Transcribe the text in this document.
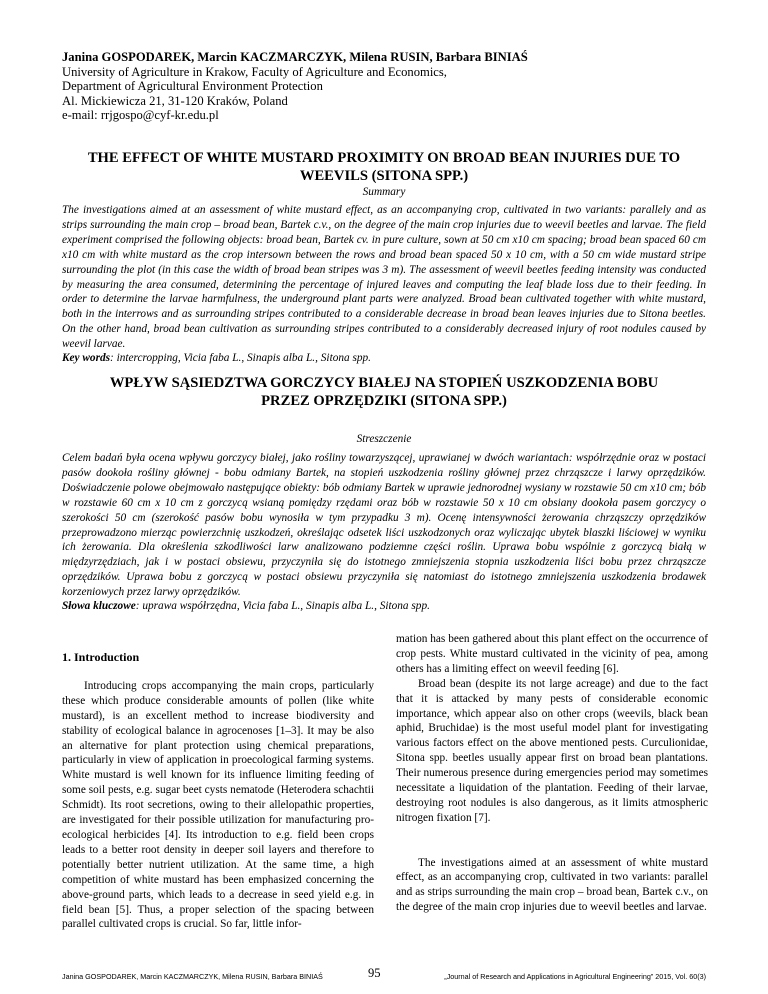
Janina GOSPODAREK, Marcin KACZMARCZYK, Milena RUSIN, Barbara BINIAŚ
University of Agriculture in Krakow, Faculty of Agriculture and Economics,
Department of Agricultural Environment Protection
Al. Mickiewicza 21, 31-120 Kraków, Poland
e-mail: rrjgospo@cyf-kr.edu.pl
THE EFFECT OF WHITE MUSTARD PROXIMITY ON BROAD BEAN INJURIES DUE TO WEEVILS (SITONA SPP.)
Summary

The investigations aimed at an assessment of white mustard effect, as an accompanying crop, cultivated in two variants: parallely and as strips surrounding the main crop – broad bean, Bartek c.v., on the degree of the main crop injuries due to weevil beetles and larvae. The field experiment comprised the following objects: broad bean, Bartek cv. in pure culture, sown at 50 cm x10 cm spacing; broad bean spaced 60 cm x10 cm with white mustard as the crop intersown between the rows and broad bean spaced 50 x 10 cm, with a 50 cm wide mustard stripe surrounding the plot (in this case the width of broad bean stripes was 3 m). The assessment of weevil beetles feeding intensity was conducted by measuring the area consumed, determining the percentage of injured leaves and computing the leaf blade loss due to their feeding. In order to determine the larvae harmfulness, the underground plant parts were analyzed. Broad bean cultivated together with white mustard, both in the interrows and as surrounding stripes contributed to a considerable decrease in broad bean leaves injuries due to Sitona beetles. On the other hand, broad bean cultivation as surrounding stripes contributed to a considerably decreased injury of root nodules caused by weevil larvae.

Key words: intercropping, Vicia faba L., Sinapis alba L., Sitona spp.
WPŁYW SĄSIEDZTWA GORCZYCY BIAŁEJ NA STOPIEŃ USZKODZENIA BOBU
PRZEZ OPRZĘDZIKI (SITONA SPP.)
Streszczenie

Celem badań była ocena wpływu gorczycy białej, jako rośliny towarzyszącej, uprawianej w dwóch wariantach: współrzędnie oraz w postaci pasów dookoła rośliny głównej - bobu odmiany Bartek, na stopień uszkodzenia rośliny głównej przez chrząszcze i larwy oprzędzików. Doświadczenie polowe obejmowało następujące obiekty: bób odmiany Bartek w uprawie jednorodnej wysiany w rozstawie 50 cm x10 cm; bób w rozstawie 60 cm x 10 cm z gorczycą wsianą pomiędzy rzędami oraz bób w rozstawie 50 x 10 cm obsiany dookoła pasem gorczycy o szerokości 50 cm (szerokość pasów bobu wynosiła w tym przypadku 3 m). Ocenę intensywności żerowania chrząszczy oprzędzików przeprowadzono mierząc powierzchnię uszkodzeń, określając odsetek liści uszkodzonych oraz wyliczając ubytek blaszki liściowej w wyniku ich żerowania. Dla określenia szkodliwości larw analizowano podziemne części roślin. Uprawa bobu wspólnie z gorczycą białą w międzyrzędziach, jak i w postaci obsiewu, przyczyniła się do istotnego zmniejszenia stopnia uszkodzenia liści bobu przez chrząszcze oprzędzików. Uprawa bobu z gorczycą w postaci obsiewu przyczyniła się natomiast do istotnego zmniejszenia uszkodzenia brodawek korzeniowych przez larwy oprzędzików.

Słowa kluczowe: uprawa współrzędna, Vicia faba L., Sinapis alba L., Sitona spp.
1. Introduction

Introducing crops accompanying the main crops, particularly these which produce considerable amounts of pollen (like white mustard), is an excellent method to increase biodiversity and stability of ecological balance in agrocenoses [1–3]. It may be also an alternative for plant protection using chemical preparations, particularly in view of application in proecological farming systems. White mustard is well known for its influence limiting feeding of some soil pests, e.g. sugar beet cysts nematode (Heterodera schachtii Schmidt). Its root secretions, owing to their allelopathic properties, are investigated for their possible utilization for manufacturing pro-ecological herbicides [4]. Its introduction to e.g. field been crops leads to a better root density in deeper soil layers and therefore to potentially better nutrient utilization. At the same time, a high competition of white mustard has been emphasized concerning the above-ground parts, which leads to a decrease in seed yield e.g. in field bean [5]. Thus, a proper selection of the spacing between parallel cultivated crops is crucial. So far, little infor-

mation has been gathered about this plant effect on the occurrence of crop pests. White mustard cultivated in the vicinity of pea, among others has a limiting effect on weevil feeding [6].

Broad bean (despite its not large acreage) and due to the fact that it is attacked by many pests of considerable economic importance, which appear also on other crops (weevils, black bean aphid, Bruchidae) is the most useful model plant for investigating various factors effect on the above mentioned pests. Curculionidae, Sitona spp. beetles usually appear first on broad bean plantations. Their numerous presence during emergencies period may sometimes necessitate a liquidation of the plantation. Feeding of their larvae, destroying root nodules is also dangerous, as it limits atmospheric nitrogen fixation [7].

The investigations aimed at an assessment of white mustard effect, as an accompanying crop, cultivated in two variants: parallel and as strips surrounding the main crop – broad bean, Bartek c.v., on the degree of the main crop injuries due to weevil beetles and larvae.

Janina GOSPODAREK, Marcin KACZMARCZYK, Milena RUSIN, Barbara BINIAŚ	95	„Journal of Research and Applications in Agricultural Engineering” 2015, Vol. 60(3)
